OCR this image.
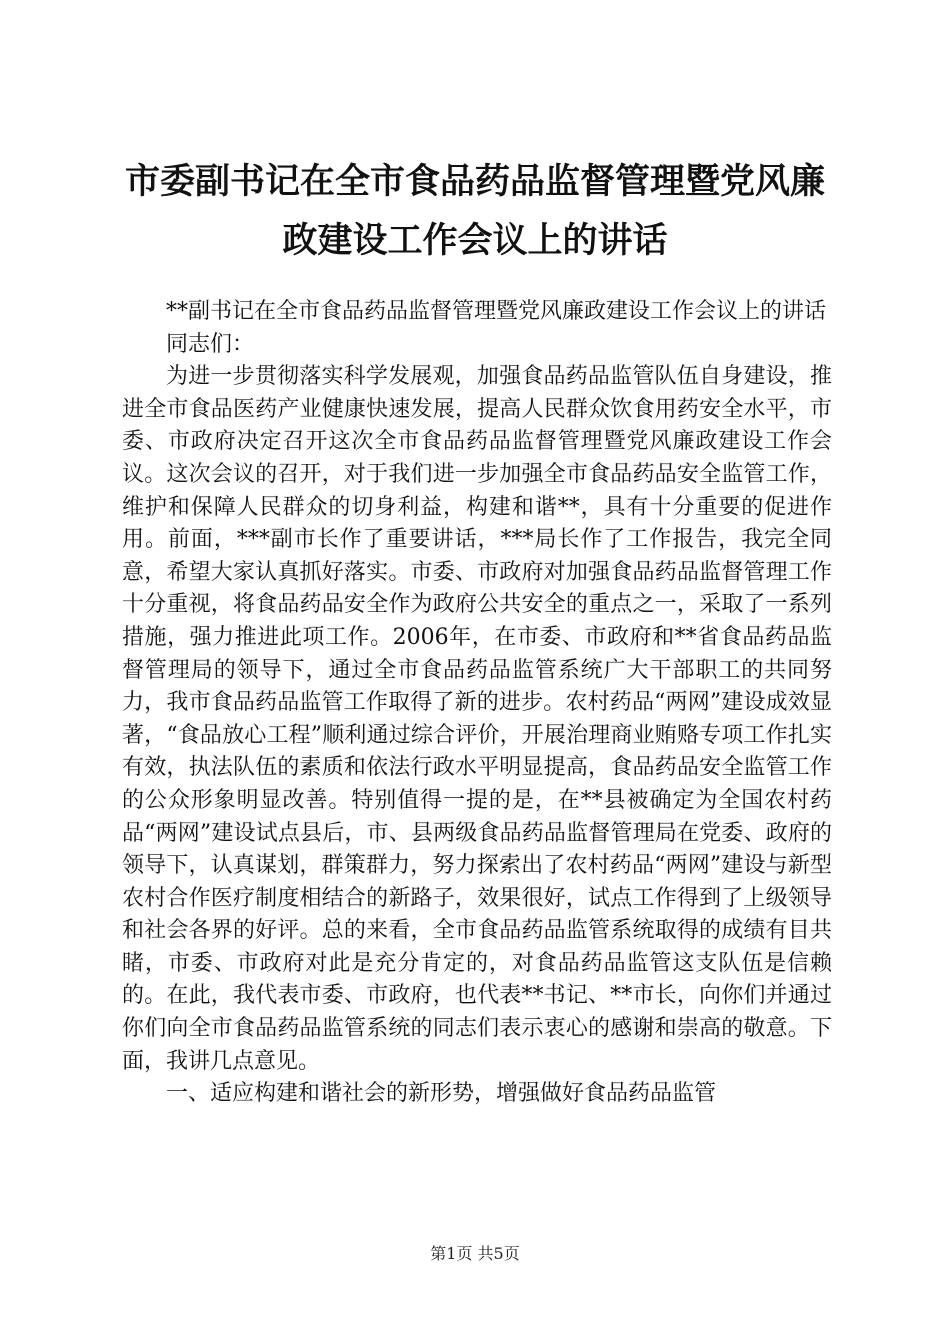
市委副书记在全市食品药品监督管理暨党风廉
政建设工作会议上的讲话

**副书记在全市食品药品监督管理暨党风廉政建设工作会议上的讲话

同志们：

为进一步贯彻落实科学发展观，加强食品药品监管队伍自身建设，推进全市食品医药产业健康快速发展，提高人民群众饮食用药安全水平，市委、市政府决定召开这次全市食品药品监督管理暨党风廉政建设工作会议。这次会议的召开，对于我们进一步加强全市食品药品安全监管工作，维护和保障人民群众的切身利益，构建和谐**，具有十分重要的促进作用。前面，***副市长作了重要讲话，***局长作了工作报告，我完全同意，希望大家认真抓好落实。市委、市政府对加强食品药品监督管理工作十分重视，将食品药品安全作为政府公共安全的重点之一，采取了一系列措施，强力推进此项工作。2006年，在市委、市政府和**省食品药品监督管理局的领导下，通过全市食品药品监管系统广大干部职工的共同努力，我市食品药品监管工作取得了新的进步。农村药品“两网”建设成效显著，“食品放心工程”顺利通过综合评价，开展治理商业贿赂专项工作扎实有效，执法队伍的素质和依法行政水平明显提高，食品药品安全监管工作的公众形象明显改善。特别值得一提的是，在**县被确定为全国农村药品“两网”建设试点县后，市、县两级食品药品监督管理局在党委、政府的领导下，认真谋划，群策群力，努力探索出了农村药品“两网”建设与新型农村合作医疗制度相结合的新路子，效果很好，试点工作得到了上级领导和社会各界的好评。总的来看，全市食品药品监管系统取得的成绩有目共睹，市委、市政府对此是充分肯定的，对食品药品监管这支队伍是信赖的。在此，我代表市委、市政府，也代表**书记、**市长，向你们并通过你们向全市食品药品监管系统的同志们表示衷心的感谢和崇高的敬意。下面，我讲几点意见。

一、适应构建和谐社会的新形势，增强做好食品药品监管

第1页 共5页
